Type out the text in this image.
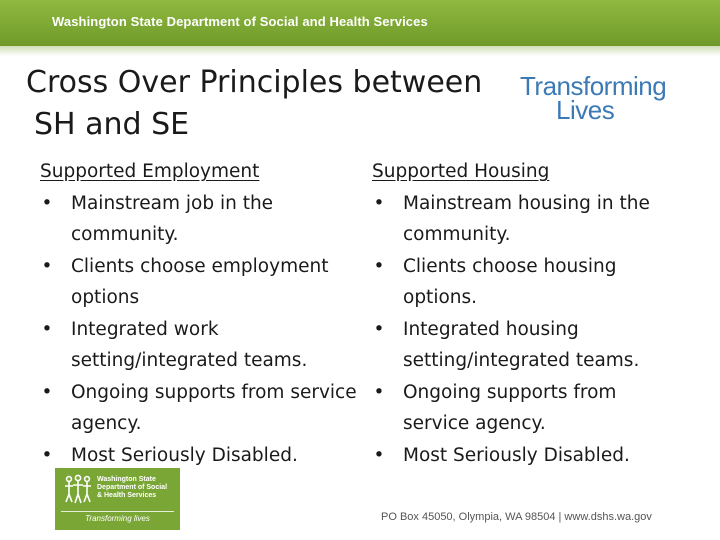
Washington State Department of Social and Health Services
Cross Over Principles between
SH and SE
Transforming
Lives
Supported Employment
• Mainstream job in the
community.
• Clients choose employment
options
• Integrated work
setting/integrated teams.
• Ongoing supports from service
agency.
• Most Seriously Disabled.
Supported Housing
• Mainstream housing in the
community.
• Clients choose housing
options.
• Integrated housing
setting/integrated teams.
• Ongoing supports from
service agency.
• Most Seriously Disabled.
Washington State
Department of Social
& Health Services
Transforming lives	PO Box 45050, Olympia, WA 98504 | www.dshs.wa.gov
